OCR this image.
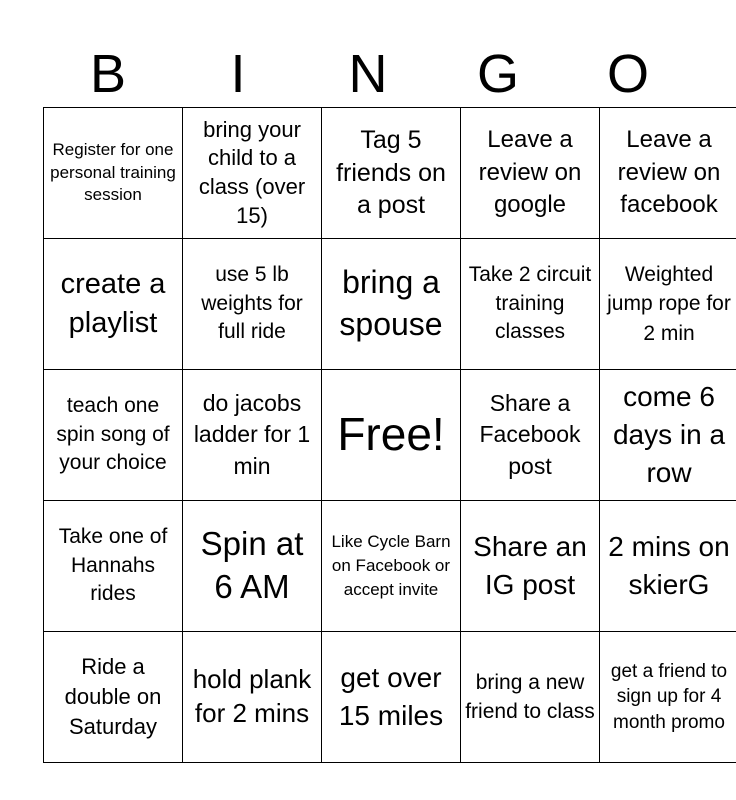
B	I	N	G	O
Register for one personal training session	bring your child to a class (over 15)	Tag 5 friends on a post	Leave a review on google	Leave a review on facebook
create a playlist	use 5 lb weights for full ride	bring a spouse	Take 2 circuit training classes	Weighted jump rope for 2 min
teach one spin song of your choice	do jacobs ladder for 1 min	Free!	Share a Facebook post	come 6 days in a row
Take one of Hannahs rides	Spin at 6 AM	Like Cycle Barn on Facebook or accept invite	Share an IG post	2 mins on skierG
Ride a double on Saturday	hold plank for 2 mins	get over 15 miles	bring a new friend to class	get a friend to sign up for 4 month promo
